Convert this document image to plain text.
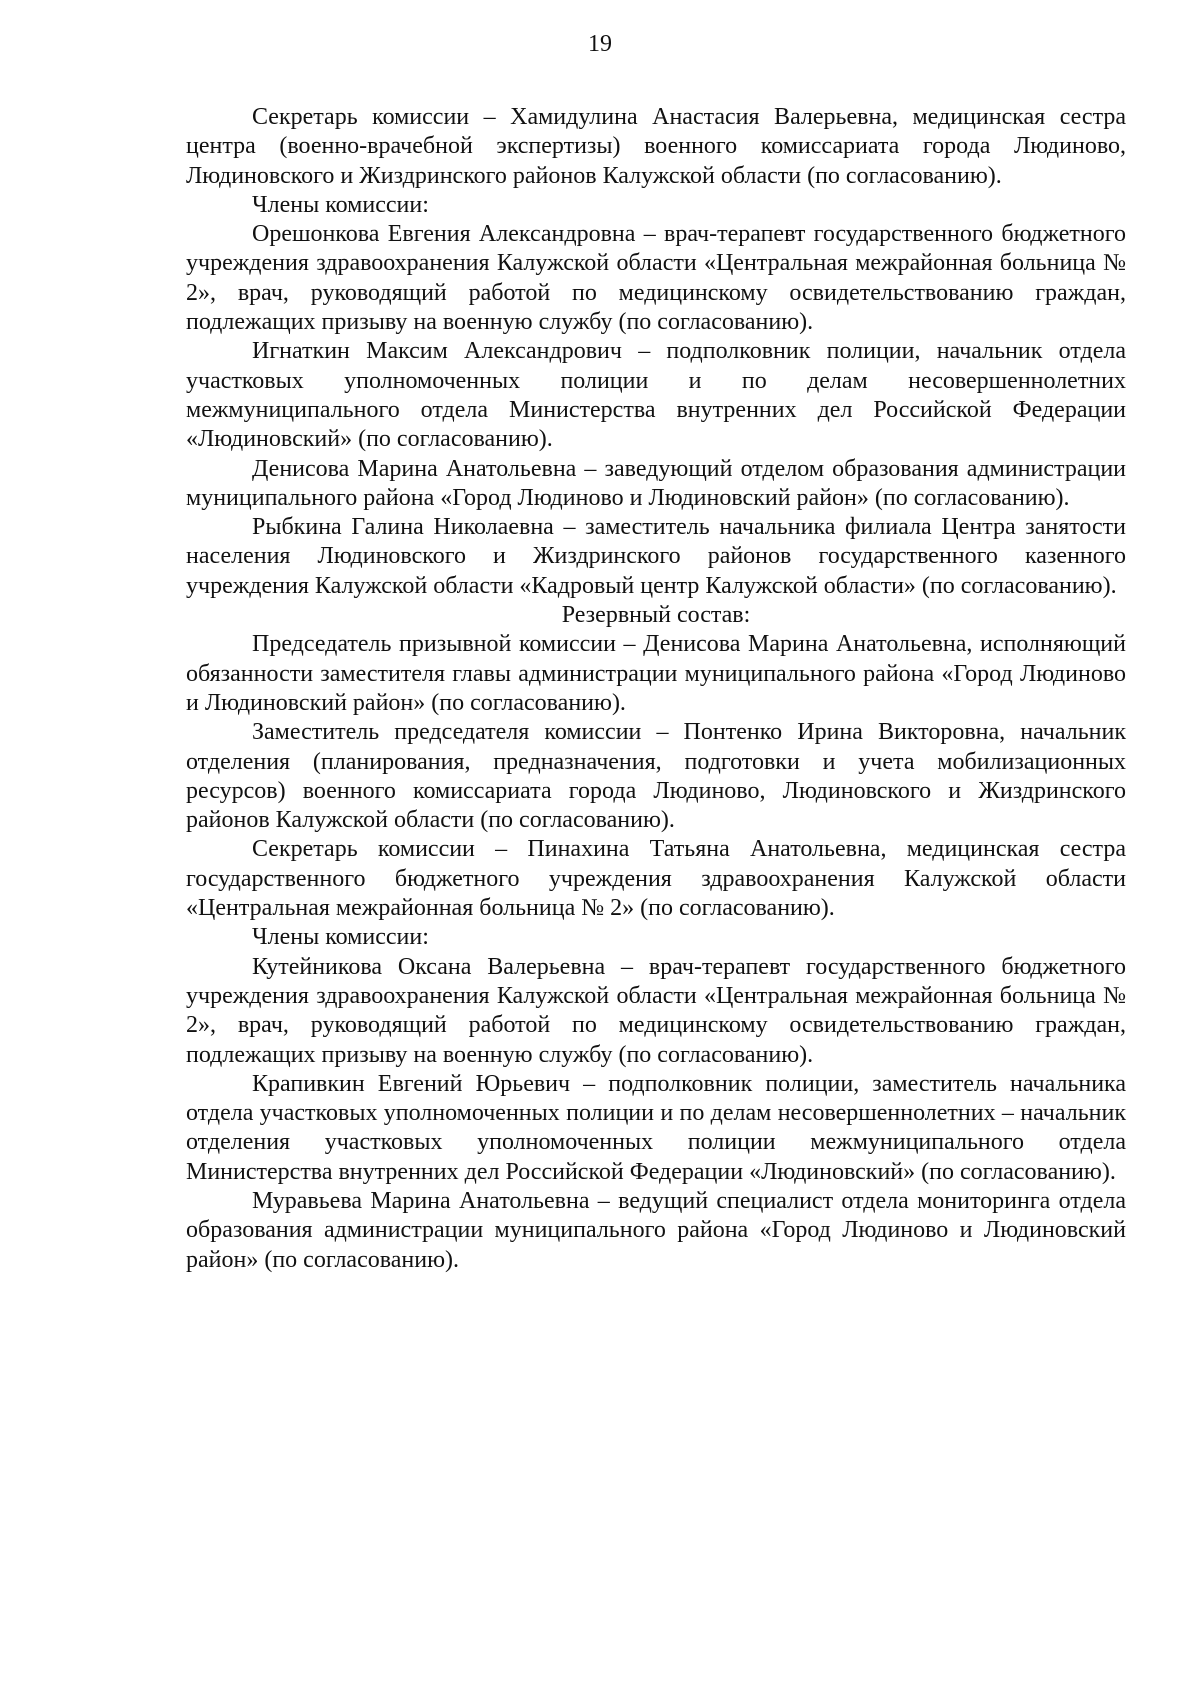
19

Секретарь комиссии – Хамидулина Анастасия Валерьевна, медицинская сестра центра (военно-врачебной экспертизы) военного комиссариата города Людиново, Людиновского и Жиздринского районов Калужской области (по согласованию).

Члены комиссии:

Орешонкова Евгения Александровна – врач-терапевт государственного бюджетного учреждения здравоохранения Калужской области «Центральная межрайонная больница № 2», врач, руководящий работой по медицинскому освидетельствованию граждан, подлежащих призыву на военную службу (по согласованию).

Игнаткин Максим Александрович – подполковник полиции, начальник отдела участковых уполномоченных полиции и по делам несовершеннолетних межмуниципального отдела Министерства внутренних дел Российской Федерации «Людиновский» (по согласованию).

Денисова Марина Анатольевна – заведующий отделом образования администрации муниципального района «Город Людиново и Людиновский район» (по согласованию).

Рыбкина Галина Николаевна – заместитель начальника филиала Центра занятости населения Людиновского и Жиздринского районов государственного казенного учреждения Калужской области «Кадровый центр Калужской области» (по согласованию).

Резервный состав:

Председатель призывной комиссии – Денисова Марина Анатольевна, исполняющий обязанности заместителя главы администрации муниципального района «Город Людиново и Людиновский район» (по согласованию).

Заместитель председателя комиссии – Понтенко Ирина Викторовна, начальник отделения (планирования, предназначения, подготовки и учета мобилизационных ресурсов) военного комиссариата города Людиново, Людиновского и Жиздринского районов Калужской области (по согласованию).

Секретарь комиссии – Пинахина Татьяна Анатольевна, медицинская сестра государственного бюджетного учреждения здравоохранения Калужской области «Центральная межрайонная больница № 2» (по согласованию).

Члены комиссии:

Кутейникова Оксана Валерьевна – врач-терапевт государственного бюджетного учреждения здравоохранения Калужской области «Центральная межрайонная больница № 2», врач, руководящий работой по медицинскому освидетельствованию граждан, подлежащих призыву на военную службу (по согласованию).

Крапивкин Евгений Юрьевич – подполковник полиции, заместитель начальника отдела участковых уполномоченных полиции и по делам несовершеннолетних – начальник отделения участковых уполномоченных полиции межмуниципального отдела Министерства внутренних дел Российской Федерации «Людиновский» (по согласованию).

Муравьева Марина Анатольевна – ведущий специалист отдела мониторинга отдела образования администрации муниципального района «Город Людиново и Людиновский район» (по согласованию).
